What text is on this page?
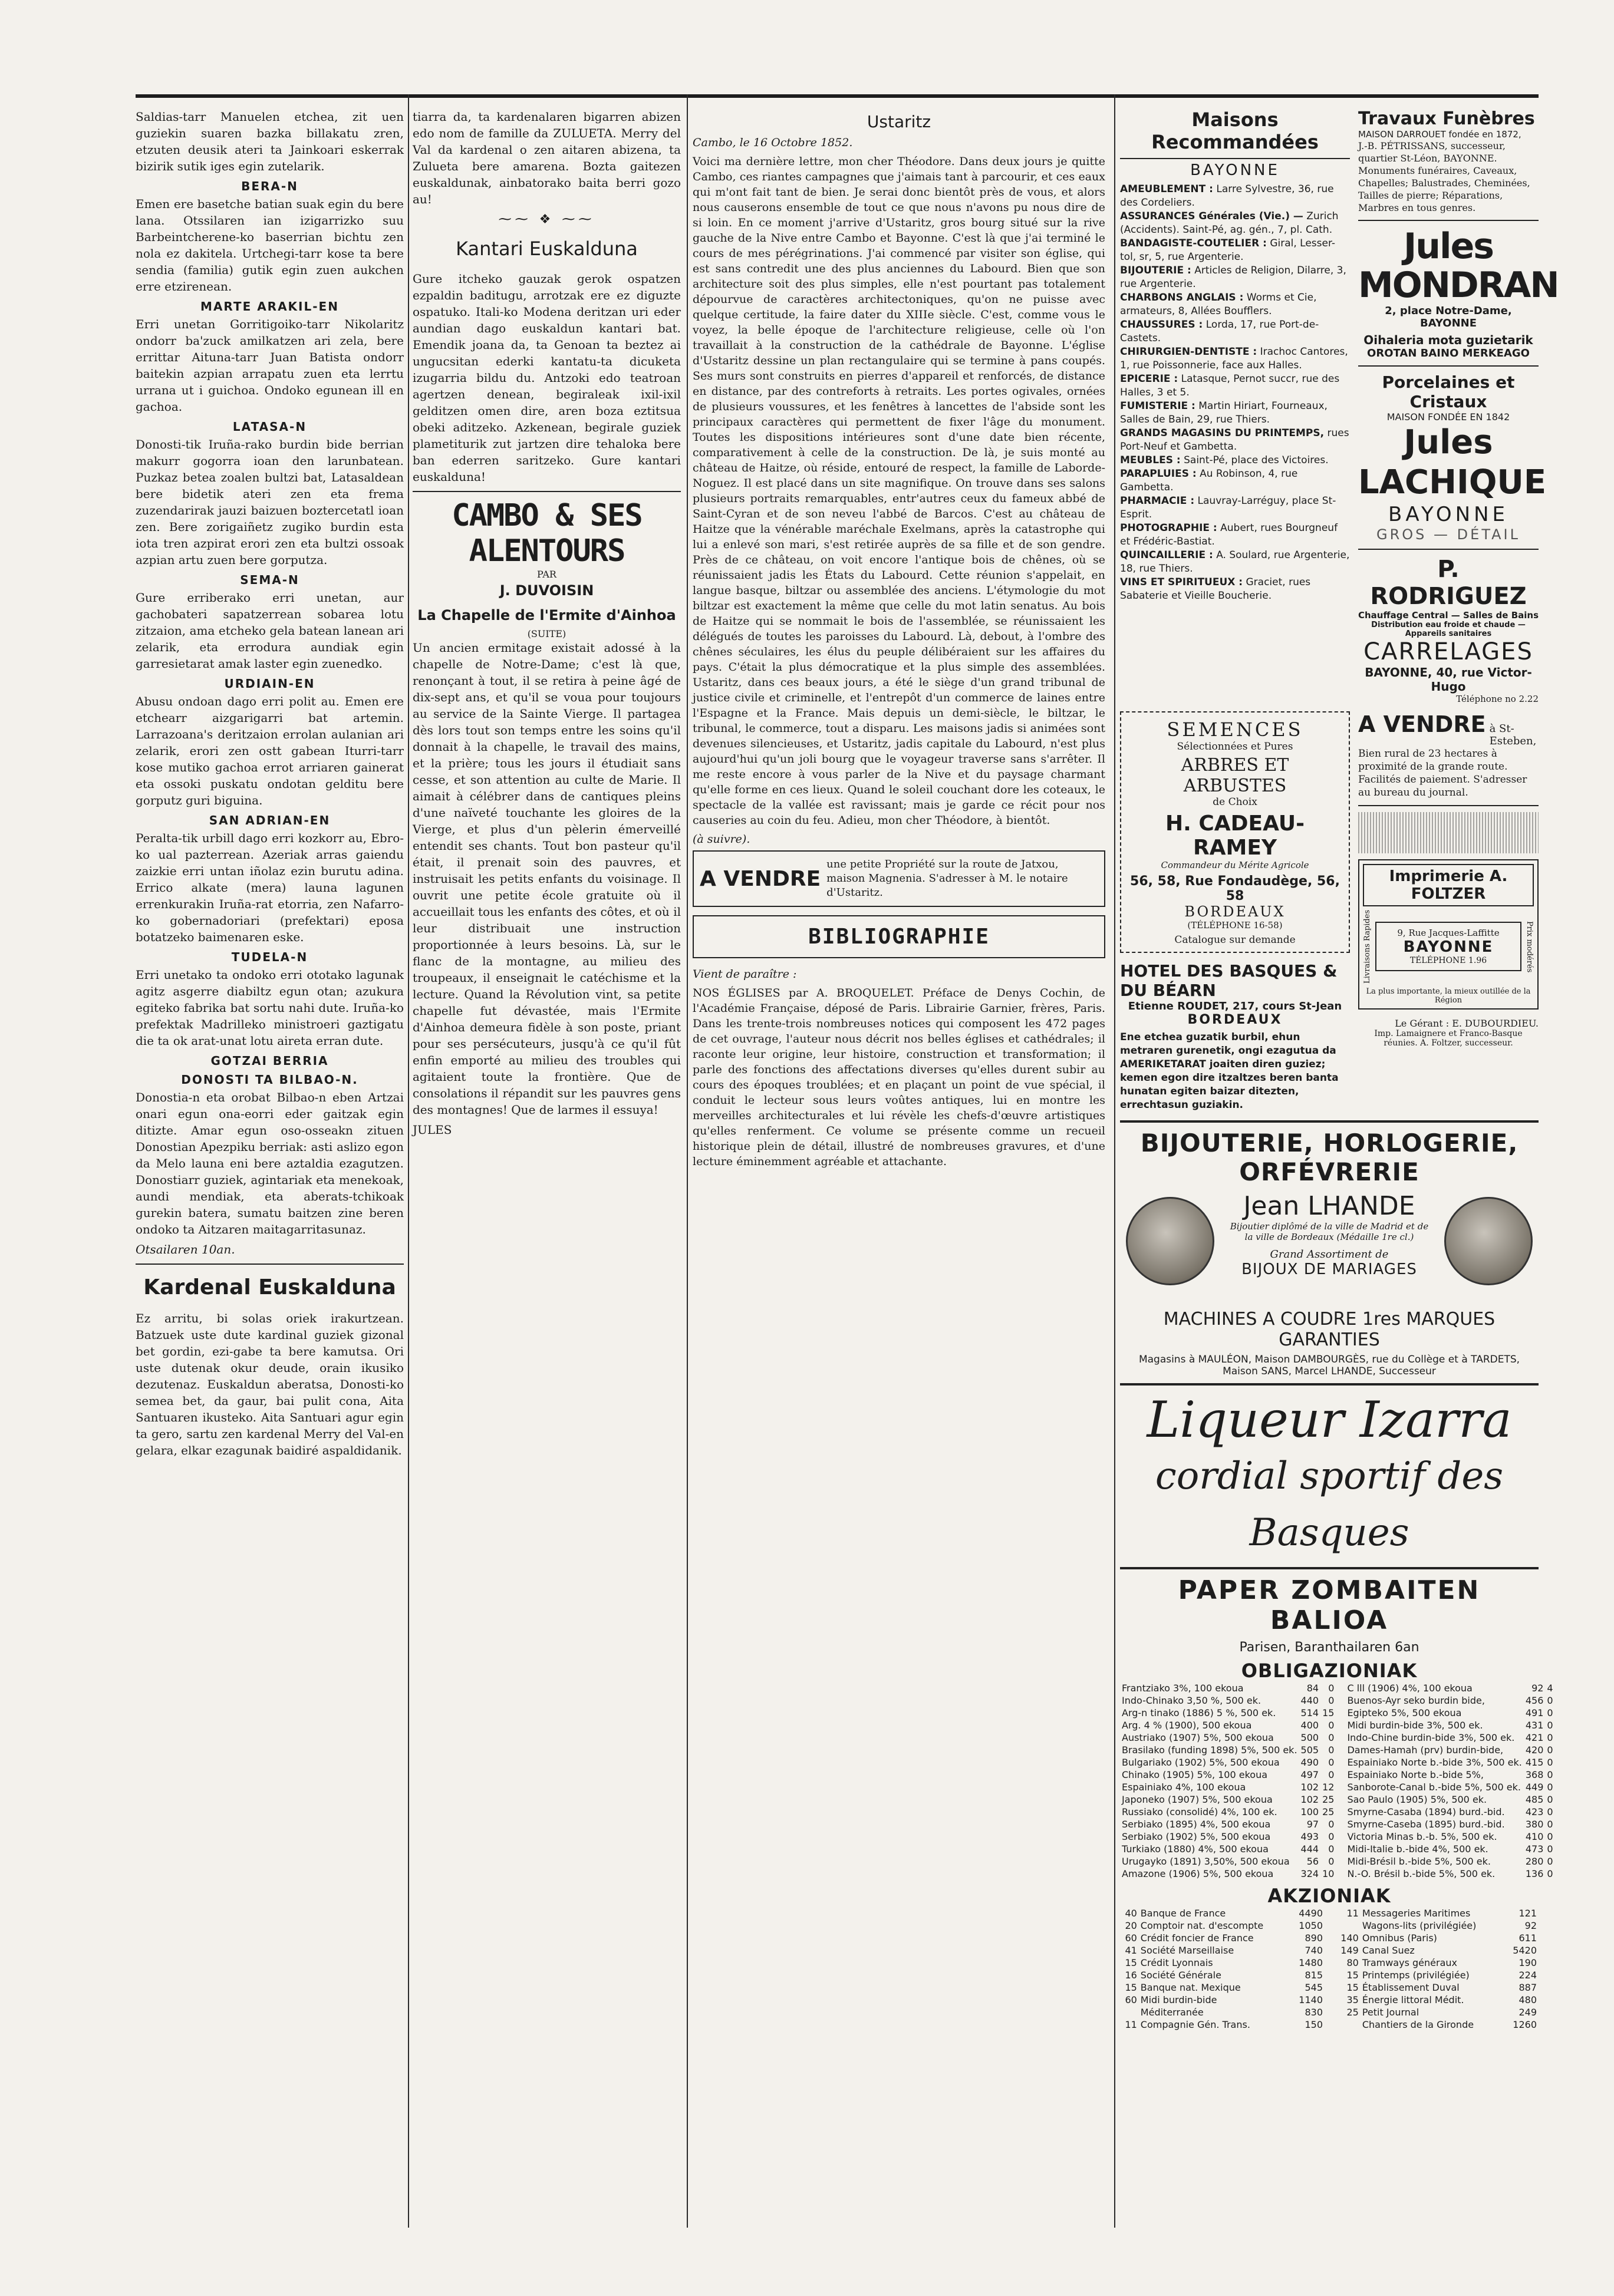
Saldias-tarr Manuelen etchea, zit uen guziekin suaren bazka billakatu zren, etzuten deusik ateri ta Jainkoari eskerrak bizirik sutik iges egin zutelarik.

BERA-N

Emen ere basetche batian suak egin du bere lana. Otssilaren ian izigarrizko suu Barbeintcherene-ko baserrian bichtu zen nola ez dakitela. Urtchegi-tarr kose ta bere sendia (familia) gutik egin zuen aukchen erre etzirenean.

MARTE ARAKIL-EN

Erri unetan Gorritigoiko-tarr Nikolaritz ondorr ba'zuck amilkatzen ari zela, bere errittar Aituna-tarr Juan Batista ondorr baitekin azpian arrapatu zuen eta lerrtu urrana ut i guichoa. Ondoko egunean ill en gachoa.

LATASA-N

Donosti-tik Iruña-rako burdin bide berrian makurr gogorra ioan den larunbatean. Puzkaz betea zoalen bultzi bat, Latasaldean bere bidetik ateri zen eta frema zuzendarirak jauzi baizuen boztercetatl ioan zen. Bere zorigaiñetz zugiko burdin esta iota tren azpirat erori zen eta bultzi ossoak azpian artu zuen bere gorputza.

SEMA-N

Gure erriberako erri unetan, aur gachobateri sapatzerrean sobarea lotu zitzaion, ama etcheko gela batean lanean ari zelarik, eta errodura aundiak egin garresietarat amak laster egin zuenedko.

URDIAIN-EN

Abusu ondoan dago erri polit au. Emen ere etchearr aizgarigarri bat artemin. Larrazoana's deritzaion errolan aulanian ari zelarik, erori zen ostt gabean Iturri-tarr kose mutiko gachoa errot arriaren gainerat eta ossoki puskatu ondotan gelditu bere gorputz guri biguina.

SAN ADRIAN-EN

Peralta-tik urbill dago erri kozkorr au, Ebro-ko ual pazterrean. Azeriak arras gaiendu zaizkie erri untan iñolaz ezin burutu adina. Errico alkate (mera) launa lagunen errenkurakin Iruña-rat etorria, zen Nafarro-ko gobernadoriari (prefektari) eposa botatzeko baimenaren eske.

TUDELA-N

Erri unetako ta ondoko erri ototako lagunak agitz asgerre diabiltz egun otan; azukura egiteko fabrika bat sortu nahi dute. Iruña-ko prefektak Madrilleko ministroeri gaztigatu die ta ok arat-unat lotu aireta erran dute.

GOTZAI BERRIA
DONOSTI TA BILBAO-N.

Donostia-n eta orobat Bilbao-n eben Artzai onari egun ona-eorri eder gaitzak egin ditizte. Amar egun oso-osseakn zituen Donostian Apezpiku berriak: asti aslizo egon da Melo launa eni bere aztaldia ezagutzen. Donostiarr guziek, agintariak eta menekoak, aundi mendiak, eta aberats-tchikoak gurekin batera, sumatu baitzen zine beren ondoko ta Aitzaren maitagarritasunaz.

Otsailaren 10an.

Kardenal Euskalduna

Ez arritu, bi solas oriek irakurtzean. Batzuek uste dute kardinal guziek gizonal bet gordin, ezi-gabe ta bere kamutsa. Ori uste dutenak okur deude, orain ikusiko dezutenaz. Euskaldun aberatsa, Donosti-ko semea bet, da gaur, bai pulit cona, Aita Santuaren ikusteko. Aita Santuari agur egin ta gero, sartu zen kardenal Merry del Val-en gelara, elkar ezagunak baidiré aspaldidanik.

tiarra da, ta kardenalaren bigarren abizen edo nom de famille da ZULUETA. Merry del Val da kardenal o zen aitaren abizena, ta Zulueta bere amarena. Bozta gaitezen euskaldunak, ainbatorako baita berri gozo au!

⁓⁓ ❖ ⁓⁓
Kantari Euskalduna

Gure itcheko gauzak gerok ospatzen ezpaldin baditugu, arrotzak ere ez diguzte ospatuko. Itali-ko Modena deritzan uri eder aundian dago euskaldun kantari bat. Emendik joana da, ta Genoan ta beztez ai ungucsitan ederki kantatu-ta dicuketa izugarria bildu du. Antzoki edo teatroan agertzen denean, begiraleak ixil-ixil gelditzen omen dire, aren boza eztitsua obeki aditzeko. Azkenean, begirale guziek plametiturik zut jartzen dire tehaloka bere ban ederren saritzeko. Gure kantari euskalduna!

CAMBO & SES ALENTOURS
PAR
J. DUVOISIN
La Chapelle de l'Ermite d'Ainhoa
(SUITE)

Un ancien ermitage existait adossé à la chapelle de Notre-Dame; c'est là que, renonçant à tout, il se retira à peine âgé de dix-sept ans, et qu'il se voua pour toujours au service de la Sainte Vierge. Il partagea dès lors tout son temps entre les soins qu'il donnait à la chapelle, le travail des mains, et la prière; tous les jours il étudiait sans cesse, et son attention au culte de Marie. Il aimait à célébrer dans de cantiques pleins d'une naïveté touchante les gloires de la Vierge, et plus d'un pèlerin émerveillé entendit ses chants. Tout bon pasteur qu'il était, il prenait soin des pauvres, et instruisait les petits enfants du voisinage. Il ouvrit une petite école gratuite où il accueillait tous les enfants des côtes, et où il leur distribuait une instruction proportionnée à leurs besoins. Là, sur le flanc de la montagne, au milieu des troupeaux, il enseignait le catéchisme et la lecture. Quand la Révolution vint, sa petite chapelle fut dévastée, mais l'Ermite d'Ainhoa demeura fidèle à son poste, priant pour ses persécuteurs, jusqu'à ce qu'il fût enfin emporté au milieu des troubles qui agitaient toute la frontière. Que de consolations il répandit sur les pauvres gens des montagnes! Que de larmes il essuya!

JULES

Ustaritz

Cambo, le 16 Octobre 1852.

Voici ma dernière lettre, mon cher Théodore. Dans deux jours je quitte Cambo, ces riantes campagnes que j'aimais tant à parcourir, et ces eaux qui m'ont fait tant de bien. Je serai donc bientôt près de vous, et alors nous causerons ensemble de tout ce que nous n'avons pu nous dire de si loin. En ce moment j'arrive d'Ustaritz, gros bourg situé sur la rive gauche de la Nive entre Cambo et Bayonne. C'est là que j'ai terminé le cours de mes pérégrinations. J'ai commencé par visiter son église, qui est sans contredit une des plus anciennes du Labourd. Bien que son architecture soit des plus simples, elle n'est pourtant pas totalement dépourvue de caractères architectoniques, qu'on ne puisse avec quelque certitude, la faire dater du XIIIe siècle. C'est, comme vous le voyez, la belle époque de l'architecture religieuse, celle où l'on travaillait à la construction de la cathédrale de Bayonne. L'église d'Ustaritz dessine un plan rectangulaire qui se termine à pans coupés. Ses murs sont construits en pierres d'appareil et renforcés, de distance en distance, par des contreforts à retraits. Les portes ogivales, ornées de plusieurs voussures, et les fenêtres à lancettes de l'abside sont les principaux caractères qui permettent de fixer l'âge du monument. Toutes les dispositions intérieures sont d'une date bien récente, comparativement à celle de la construction. De là, je suis monté au château de Haitze, où réside, entouré de respect, la famille de Laborde-Noguez. Il est placé dans un site magnifique. On trouve dans ses salons plusieurs portraits remarquables, entr'autres ceux du fameux abbé de Saint-Cyran et de son neveu l'abbé de Barcos. C'est au château de Haitze que la vénérable maréchale Exelmans, après la catastrophe qui lui a enlevé son mari, s'est retirée auprès de sa fille et de son gendre. Près de ce château, on voit encore l'antique bois de chênes, où se réunissaient jadis les États du Labourd. Cette réunion s'appelait, en langue basque, biltzar ou assemblée des anciens. L'étymologie du mot biltzar est exactement la même que celle du mot latin senatus. Au bois de Haitze qui se nommait le bois de l'assemblée, se réunissaient les délégués de toutes les paroisses du Labourd. Là, debout, à l'ombre des chênes séculaires, les élus du peuple délibéraient sur les affaires du pays. C'était la plus démocratique et la plus simple des assemblées. Ustaritz, dans ces beaux jours, a été le siège d'un grand tribunal de justice civile et criminelle, et l'entrepôt d'un commerce de laines entre l'Espagne et la France. Mais depuis un demi-siècle, le biltzar, le tribunal, le commerce, tout a disparu. Les maisons jadis si animées sont devenues silencieuses, et Ustaritz, jadis capitale du Labourd, n'est plus aujourd'hui qu'un joli bourg que le voyageur traverse sans s'arrêter. Il me reste encore à vous parler de la Nive et du paysage charmant qu'elle forme en ces lieux. Quand le soleil couchant dore les coteaux, le spectacle de la vallée est ravissant; mais je garde ce récit pour nos causeries au coin du feu. Adieu, mon cher Théodore, à bientôt.

(à suivre).

A VENDRE
une petite Propriété sur la route de Jatxou, maison Magnenia. S'adresser à M. le notaire d'Ustaritz.
BIBLIOGRAPHIE

Vient de paraître :

NOS ÉGLISES par A. BROQUELET. Préface de Denys Cochin, de l'Académie Française, déposé de Paris. Librairie Garnier, frères, Paris. Dans les trente-trois nombreuses notices qui composent les 472 pages de cet ouvrage, l'auteur nous décrit nos belles églises et cathédrales; il raconte leur origine, leur histoire, construction et transformation; il parle des fonctions des affectations diverses qu'elles durent subir au cours des époques troublées; et en plaçant un point de vue spécial, il conduit le lecteur sous leurs voûtes antiques, lui en montre les merveilles architecturales et lui révèle les chefs-d'œuvre artistiques qu'elles renferment. Ce volume se présente comme un recueil historique plein de détail, illustré de nombreuses gravures, et d'une lecture éminemment agréable et attachante.

Maisons Recommandées
BAYONNE
AMEUBLEMENT : Larre Sylvestre, 36, rue des Cordeliers.
ASSURANCES Générales (Vie.) — Zurich (Accidents). Saint-Pé, ag. gén., 7, pl. Cath.
BANDAGISTE-COUTELIER : Giral, Lesser-tol, sr, 5, rue Argenterie.
BIJOUTERIE : Articles de Religion, Dilarre, 3, rue Argenterie.
CHARBONS ANGLAIS : Worms et Cie, armateurs, 8, Allées Boufflers.
CHAUSSURES : Lorda, 17, rue Port-de-Castets.
CHIRURGIEN-DENTISTE : Irachoc Cantores, 1, rue Poissonnerie, face aux Halles.
EPICERIE : Latasque, Pernot succr, rue des Halles, 3 et 5.
FUMISTERIE : Martin Hiriart, Fourneaux, Salles de Bain, 29, rue Thiers.
GRANDS MAGASINS DU PRINTEMPS, rues Port-Neuf et Gambetta.
MEUBLES : Saint-Pé, place des Victoires.
PARAPLUIES : Au Robinson, 4, rue Gambetta.
PHARMACIE : Lauvray-Larréguy, place St-Esprit.
PHOTOGRAPHIE : Aubert, rues Bourgneuf et Frédéric-Bastiat.
QUINCAILLERIE : A. Soulard, rue Argenterie, 18, rue Thiers.
VINS ET SPIRITUEUX : Graciet, rues Sabaterie et Vieille Boucherie.
Travaux Funèbres
MAISON DARROUET fondée en 1872,
J.-B. PÉTRISSANS, successeur, quartier St-Léon, BAYONNE. Monuments funéraires, Caveaux, Chapelles; Balustrades, Cheminées, Tailles de pierre; Réparations, Marbres en tous genres.
Jules MONDRAN
2, place Notre-Dame, BAYONNE
Oihaleria mota guzietarik
OROTAN BAINO MERKEAGO
Porcelaines et Cristaux
MAISON FONDÉE EN 1842
Jules LACHIQUE
BAYONNE
GROS — DÉTAIL
P. RODRIGUEZ
Chauffage Central — Salles de Bains
Distribution eau froide et chaude — Appareils sanitaires
CARRELAGES
BAYONNE, 40, rue Victor-Hugo
Téléphone no 2.22
SEMENCES
Sélectionnées et Pures
ARBRES ET ARBUSTES
de Choix
H. CADEAU-RAMEY
Commandeur du Mérite Agricole
56, 58, Rue Fondaudège, 56, 58
BORDEAUX
(TÉLÉPHONE 16-58)
Catalogue sur demande
HOTEL DES BASQUES & DU BÉARN
Etienne ROUDET, 217, cours St-Jean
BORDEAUX
Ene etchea guzatik burbil, ehun metraren gurenetik, ongi ezagutua da AMERIKETARAT joaiten diren guziez; kemen egon dire itzaltzes beren banta hunatan egiten baizar ditezten, errechtasun guziakin.
A VENDRE à St-Esteben,
Bien rural de 23 hectares à proximité de la grande route. Facilités de paiement. S'adresser au bureau du journal.
Imprimerie A. FOLTZER
Livraisons Rapides	9, Rue Jacques-Laffitte
BAYONNE
TÉLÉPHONE 1.96	Prix modérés
La plus importante, la mieux outillée de la Région
Le Gérant : E. DUBOURDIEU.
Imp. Lamaignere et Franco-Basque réunies. A. Foltzer, successeur.
BIJOUTERIE, HORLOGERIE, ORFÉVRERIE
Jean LHANDE
Bijoutier diplômé de la ville de Madrid et de la ville de Bordeaux (Médaille 1re cl.)
Grand Assortiment de
BIJOUX DE MARIAGES
MACHINES A COUDRE 1res MARQUES GARANTIES
Magasins à MAULÉON, Maison DAMBOURGÈS, rue du Collège et à TARDETS, Maison SANS, Marcel LHANDE, Successeur
Liqueur Izarra
cordial sportif des Basques
PAPER ZOMBAITEN BALIOA
Parisen, Baranthailaren 6an
OBLIGAZIONIAK
Frantziako 3%, 100 ekoua	84	0
Indo-Chinako 3,50 %, 500 ek.	440	0
Arg-n tinako (1886) 5 %, 500 ek.	514	15
Arg. 4 % (1900), 500 ekoua	400	0
Austriako (1907) 5%, 500 ekoua	500	0
Brasilako (funding 1898) 5%, 500 ek.	505	0
Bulgariako (1902) 5%, 500 ekoua	490	0
Chinako (1905) 5%, 100 ekoua	497	0
Espainiako 4%, 100 ekoua	102	12
Japoneko (1907) 5%, 500 ekoua	102	25
Russiako (consolidé) 4%, 100 ek.	100	25
Serbiako (1895) 4%, 500 ekoua	97	0
Serbiako (1902) 5%, 500 ekoua	493	0
Turkiako (1880) 4%, 500 ekoua	444	0
Urugayko (1891) 3,50%, 500 ekoua	56	0
Amazone (1906) 5%, 500 ekoua	324	10
C lll (1906) 4%, 100 ekoua	92	4
Buenos-Ayr seko burdin bide,	456	0
Egipteko 5%, 500 ekoua	491	0
Midi burdin-bide 3%, 500 ek.	431	0
Indo-Chine burdin-bide 3%, 500 ek.	421	0
Dames-Hamah (prv) burdin-bide,	420	0
Espainiako Norte b.-bide 3%, 500 ek.	415	0
Espainiako Norte b.-bide 5%,	368	0
Sanborote-Canal b.-bide 5%, 500 ek.	449	0
Sao Paulo (1905) 5%, 500 ek.	485	0
Smyrne-Casaba (1894) burd.-bid.	423	0
Smyrne-Caseba (1895) burd.-bid.	380	0
Victoria Minas b.-b. 5%, 500 ek.	410	0
Midi-Italie b.-bide 4%, 500 ek.	473	0
Midi-Brésil b.-bide 5%, 500 ek.	280	0
N.-O. Brésil b.-bide 5%, 500 ek.	136	0
AKZIONIAK
40	Banque de France	4490
20	Comptoir nat. d'escompte	1050
60	Crédit foncier de France	890
41	Société Marseillaise	740
15	Crédit Lyonnais	1480
16	Société Générale	815
15	Banque nat. Mexique	545
60	Midi burdin-bide	1140
	Méditerranée	830
11	Compagnie Gén. Trans.	150
11	Messageries Maritimes	121
	Wagons-lits (privilégiée)	92
140	Omnibus (Paris)	611
149	Canal Suez	5420
80	Tramways généraux	190
15	Printemps (privilégiée)	224
15	Établissement Duval	887
35	Énergie littoral Médit.	480
25	Petit Journal	249
	Chantiers de la Gironde	1260
